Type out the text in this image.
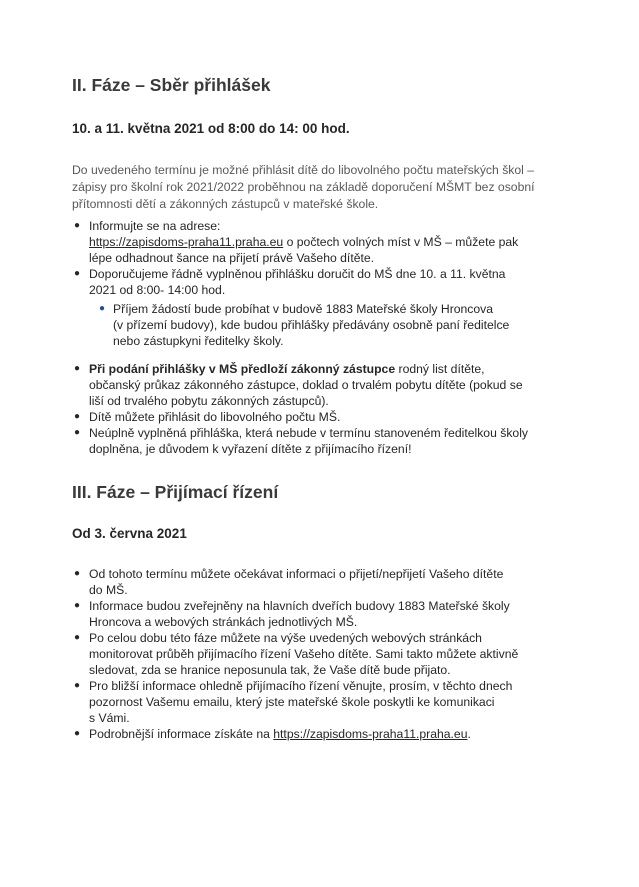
II. Fáze – Sběr přihlášek
10. a 11. května 2021 od 8:00 do 14: 00 hod.
Do uvedeného termínu je možné přihlásit dítě do libovolného počtu mateřských škol –
zápisy pro školní rok 2021/2022 proběhnou na základě doporučení MŠMT bez osobní
přítomnosti dětí a zákonných zástupců v mateřské škole.
● Informujte se na adrese:
https://zapisdoms-praha11.praha.eu o počtech volných míst v MŠ – můžete pak
lépe odhadnout šance na přijetí právě Vašeho dítěte.
● Doporučujeme řádně vyplněnou přihlášku doručit do MŠ dne 10. a 11. května
2021 od 8:00- 14:00 hod.
● Příjem žádostí bude probíhat v budově 1883 Mateřské školy Hroncova
(v přízemí budovy), kde budou přihlášky předávány osobně paní ředitelce
nebo zástupkyni ředitelky školy.
● Při podání přihlášky v MŠ předloží zákonný zástupce rodný list dítěte,
občanský průkaz zákonného zástupce, doklad o trvalém pobytu dítěte (pokud se
liší od trvalého pobytu zákonných zástupců).
● Dítě můžete přihlásit do libovolného počtu MŠ.
● Neúplně vyplněná přihláška, která nebude v termínu stanoveném ředitelkou školy
doplněna, je důvodem k vyřazení dítěte z přijímacího řízení!
III. Fáze – Přijímací řízení
Od 3. června 2021
● Od tohoto termínu můžete očekávat informaci o přijetí/nepřijetí Vašeho dítěte
do MŠ.
● Informace budou zveřejněny na hlavních dveřích budovy 1883 Mateřské školy
Hroncova a webových stránkách jednotlivých MŠ.
● Po celou dobu této fáze můžete na výše uvedených webových stránkách
monitorovat průběh přijímacího řízení Vašeho dítěte. Sami takto můžete aktivně
sledovat, zda se hranice neposunula tak, že Vaše dítě bude přijato.
● Pro bližší informace ohledně přijímacího řízení věnujte, prosím, v těchto dnech
pozornost Vašemu emailu, který jste mateřské škole poskytli ke komunikaci
s Vámi.
● Podrobnější informace získáte na https://zapisdoms-praha11.praha.eu.
